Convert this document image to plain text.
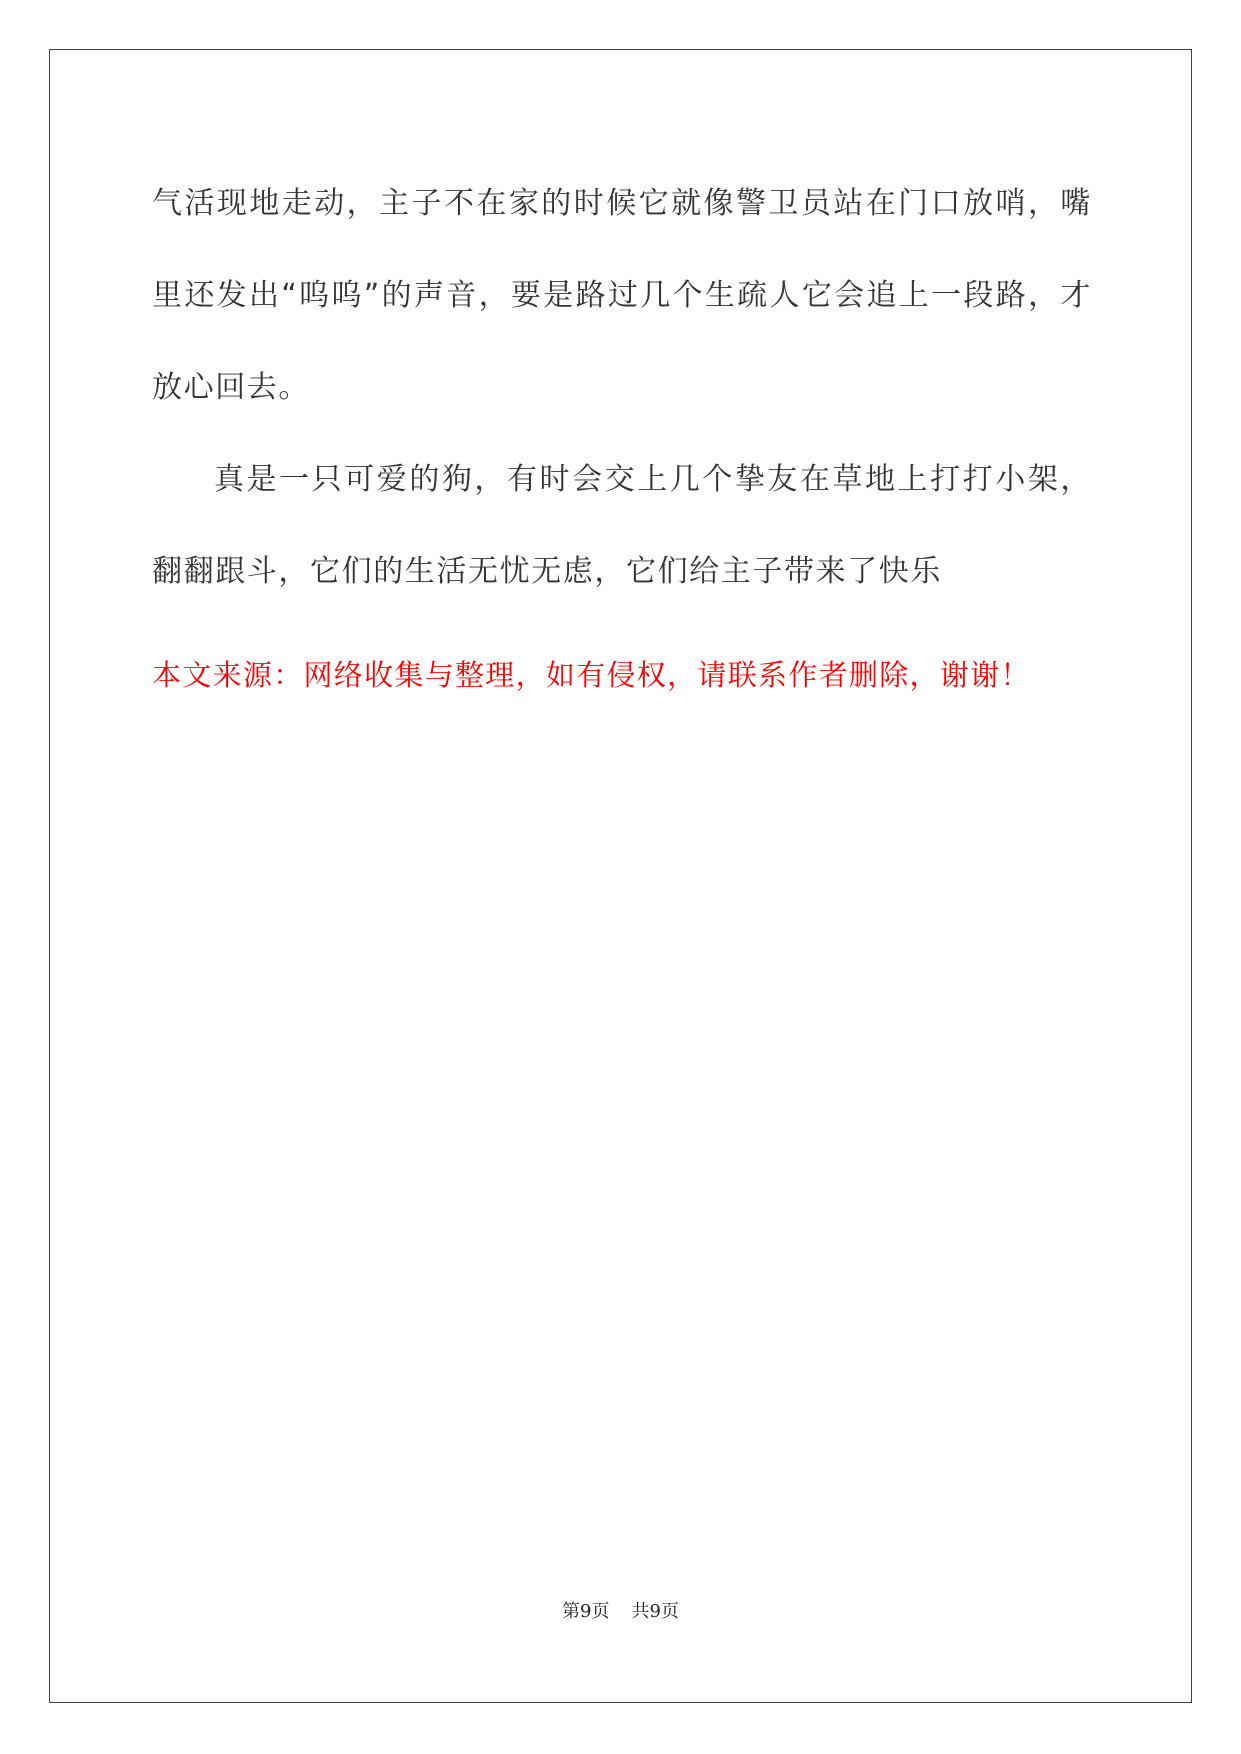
气活现地走动，主子不在家的时候它就像警卫员站在门口放哨，嘴里还发出“呜呜”的声音，要是路过几个生疏人它会追上一段路，才放心回去。

真是一只可爱的狗，有时会交上几个挚友在草地上打打小架，翻翻跟斗，它们的生活无忧无虑，它们给主子带来了快乐

本文来源：网络收集与整理，如有侵权，请联系作者删除，谢谢！
第9页 共9页
